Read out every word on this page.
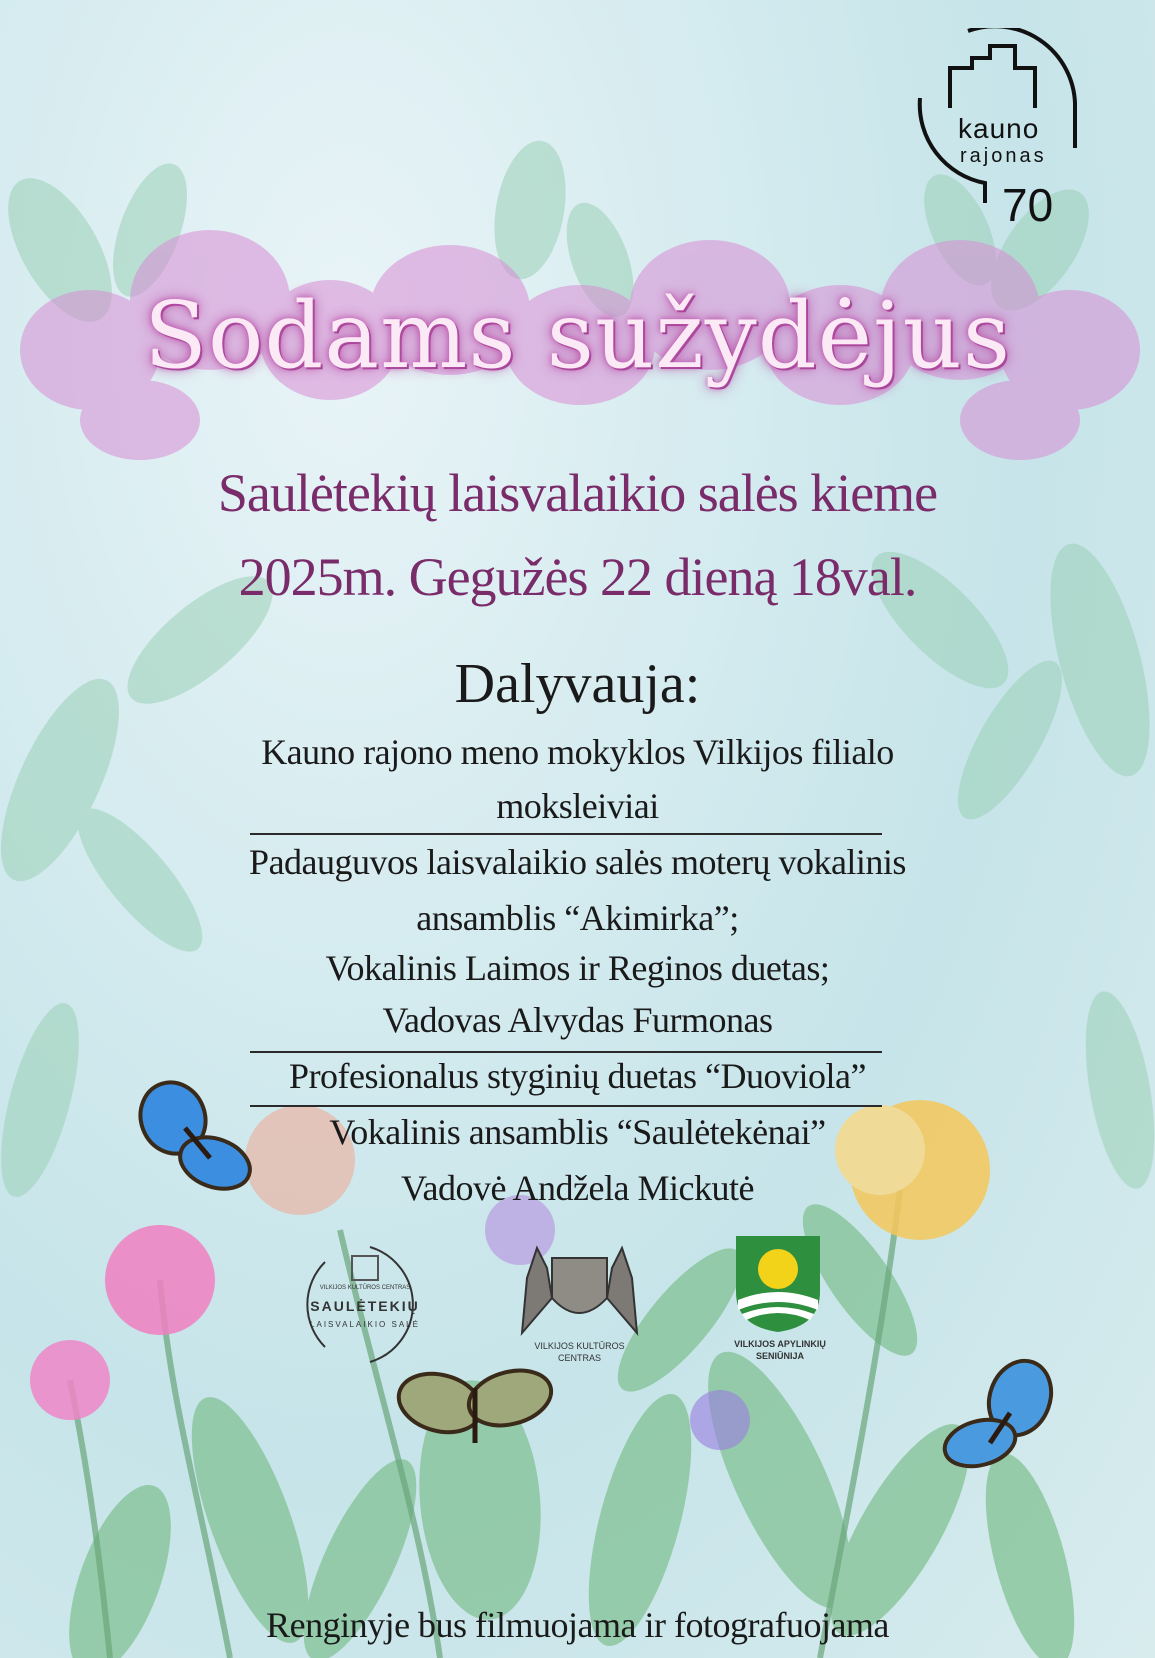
kauno
rajonas
70
Sodams sužydėjus
Saulėtekių laisvalaikio salės kieme
2025m. Gegužės 22 dieną 18val.
Dalyvauja:
Kauno rajono meno mokyklos Vilkijos filialo
moksleiviai
Padauguvos laisvalaikio salės moterų vokalinis
ansamblis “Akimirka”;
Vokalinis Laimos ir Reginos duetas;
Vadovas Alvydas Furmonas
Profesionalus styginių duetas “Duoviola”
Vokalinis ansamblis “Saulėtekėnai”
Vadovė Andžela Mickutė
VILKIJOS KULTŪROS CENTRAS
SAULĖTEKIŲ
LAISVALAIKIO SALĖ
VILKIJOS KULTŪROS
CENTRAS
VILKIJOS APYLINKIŲ
SENIŪNIJA
Renginyje bus filmuojama ir fotografuojama
